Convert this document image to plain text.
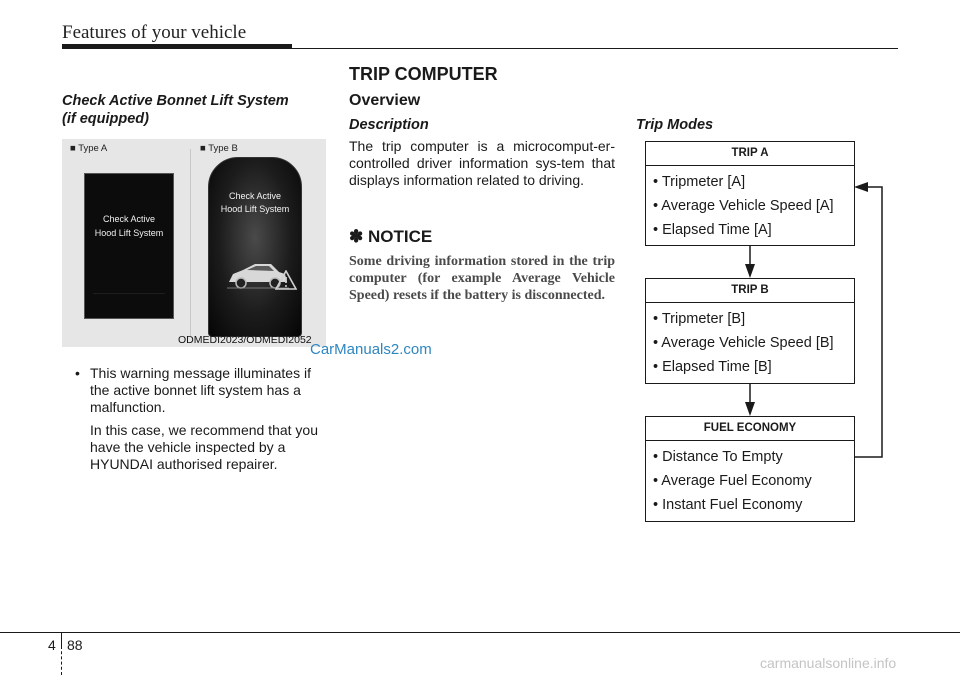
Features of your vehicle
TRIP COMPUTER
Check Active Bonnet Lift System
(if equipped)
■ Type A	■ Type B
Check Active
Hood Lift System
Check Active
Hood Lift System
ODMEDI2023/ODMEDI2052
CarManuals2.com

• This warning message illuminates if the active bonnet lift system has a malfunction.

In this case, we recommend that you have the vehicle inspected by a HYUNDAI authorised repairer.

Overview
Description
The trip computer is a microcomput-er-controlled driver information sys-tem that displays information related to driving.
✽ NOTICE
Some driving information stored in the trip computer (for example Average Vehicle Speed) resets if the battery is disconnected.
Trip Modes
TRIP A
• Tripmeter [A]
• Average Vehicle Speed [A]
• Elapsed Time [A]
TRIP B
• Tripmeter [B]
• Average Vehicle Speed [B]
• Elapsed Time [B]
FUEL ECONOMY
• Distance To Empty
• Average Fuel Economy
• Instant Fuel Economy
4 88
carmanualsonline.info
